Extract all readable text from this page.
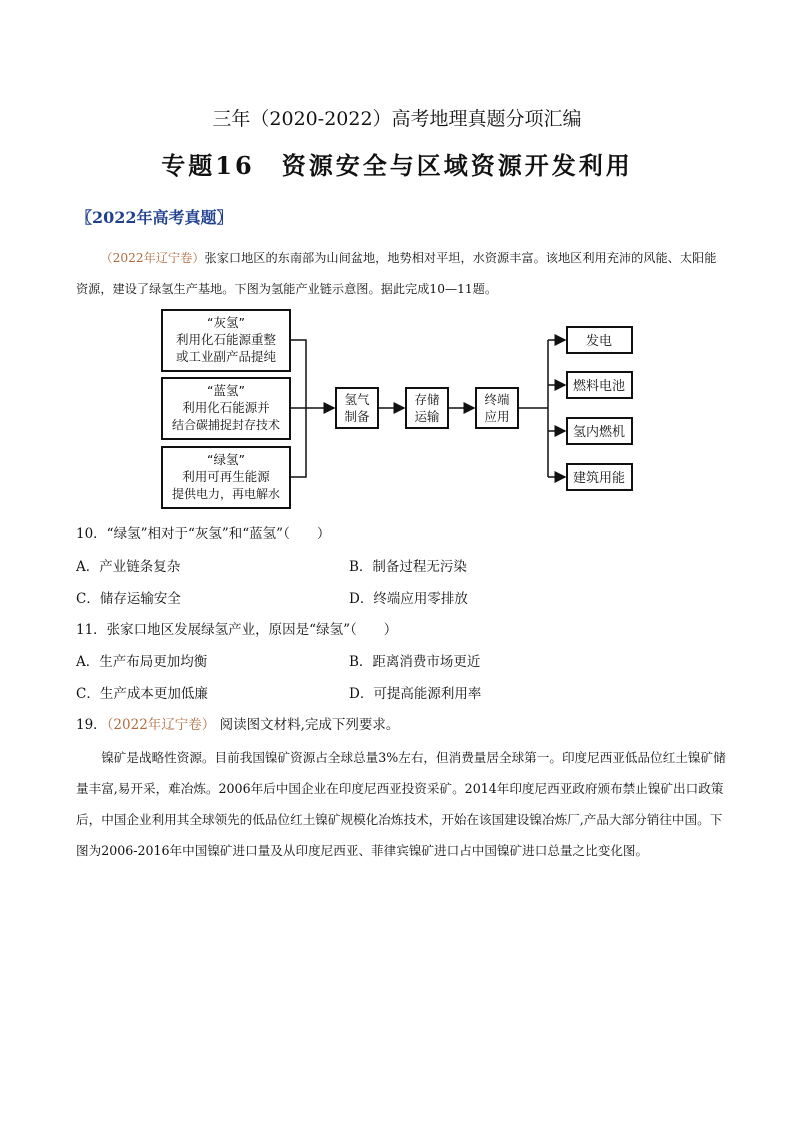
三年（2020-2022）高考地理真题分项汇编
专题16　资源安全与区域资源开发利用
〖2022年高考真题〗
（2022年辽宁卷）张家口地区的东南部为山间盆地，地势相对平坦，水资源丰富。该地区利用充沛的风能、太阳能资源，建设了绿氢生产基地。下图为氢能产业链示意图。据此完成10—11题。
“灰氢”
利用化石能源重整
或工业副产品提纯
“蓝氢”
利用化石能源并
结合碳捕捉封存技术
“绿氢”
利用可再生能源
提供电力，再电解水
氢气
制备
存储
运输
终端
应用
发电
燃料电池
氢内燃机
建筑用能
10．“绿氢”相对于“灰氢”和“蓝氢”（　　）
A．产业链条复杂	B．制备过程无污染
C．储存运输安全	D．终端应用零排放
11．张家口地区发展绿氢产业，原因是“绿氢”（　　）
A．生产布局更加均衡	B．距离消费市场更近
C．生产成本更加低廉	D．可提高能源利用率
19．（2022年辽宁卷） 阅读图文材料,完成下列要求。
镍矿是战略性资源。目前我国镍矿资源占全球总量3%左右，但消费量居全球第一。印度尼西亚低品位红土镍矿储量丰富,易开采，难冶炼。2006年后中国企业在印度尼西亚投资采矿。2014年印度尼西亚政府颁布禁止镍矿出口政策后，中国企业利用其全球领先的低品位红土镍矿规模化冶炼技术，开始在该国建设镍冶炼厂,产品大部分销往中国。下图为2006-2016年中国镍矿进口量及从印度尼西亚、菲律宾镍矿进口占中国镍矿进口总量之比变化图。
